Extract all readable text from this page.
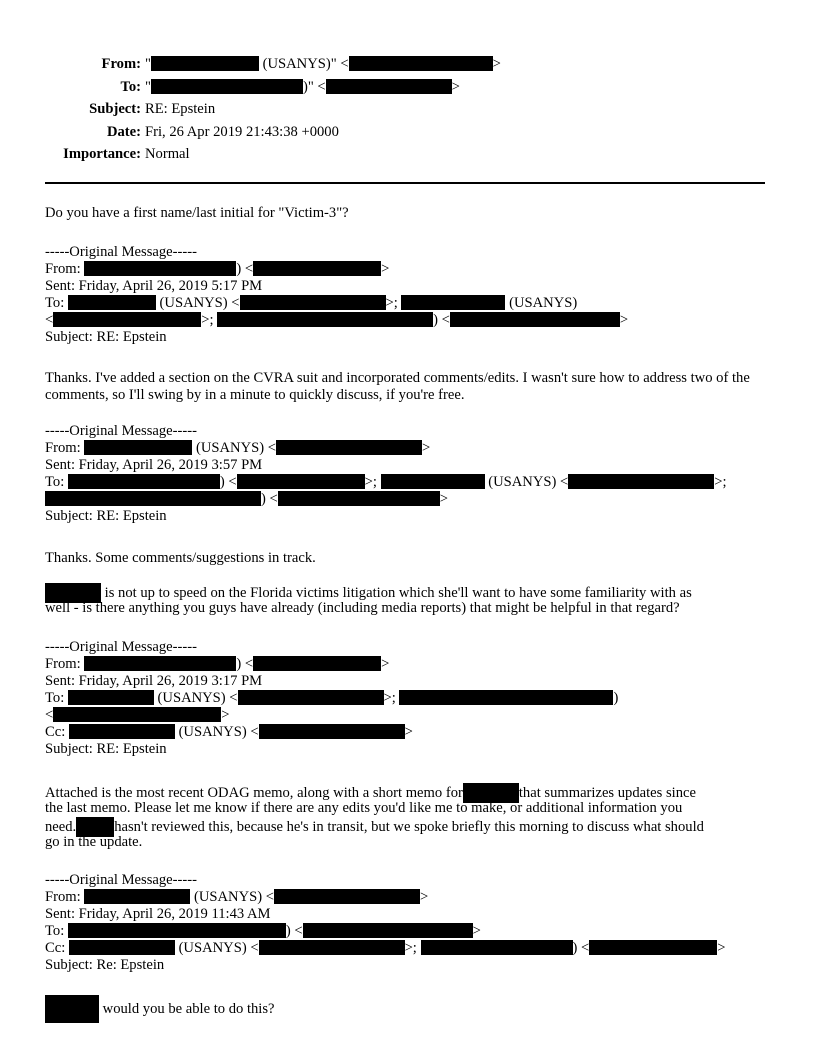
From: "	(USANYS)" <	>
To: "	)" <	>
Subject: RE: Epstein
Date: Fri, 26 Apr 2019 21:43:38 +0000
Importance: Normal
Do you have a first name/last initial for "Victim-3"?
-----Original Message-----
From:	) <	>
Sent: Friday, April 26, 2019 5:17 PM
To:	(USANYS) <	>;	(USANYS)
<	>;	) <	>
Subject: RE: Epstein
Thanks. I've added a section on the CVRA suit and incorporated comments/edits. I wasn't sure how to address two of the comments, so I'll swing by in a minute to quickly discuss, if you're free.
-----Original Message-----
From:	(USANYS) <	>
Sent: Friday, April 26, 2019 3:57 PM
To:	) <	>;	(USANYS) <	>;
) <	>
Subject: RE: Epstein
Thanks. Some comments/suggestions in track.
is not up to speed on the Florida victims litigation which she'll want to have some familiarity with as
well - is there anything you guys have already (including media reports) that might be helpful in that regard?
-----Original Message-----
From:	) <	>
Sent: Friday, April 26, 2019 3:17 PM
To:	(USANYS) <	>;	)
<	>
Cc:	(USANYS) <	>
Subject: RE: Epstein
Attached is the most recent ODAG memo, along with a short memo for	that summarizes updates since
the last memo. Please let me know if there are any edits you'd like me to make, or additional information you
need.	hasn't reviewed this, because he's in transit, but we spoke briefly this morning to discuss what should
go in the update.
-----Original Message-----
From:	(USANYS) <	>
Sent: Friday, April 26, 2019 11:43 AM
To:	) <	>
Cc:	(USANYS) <	>;	) <	>
Subject: Re: Epstein
would you be able to do this?
